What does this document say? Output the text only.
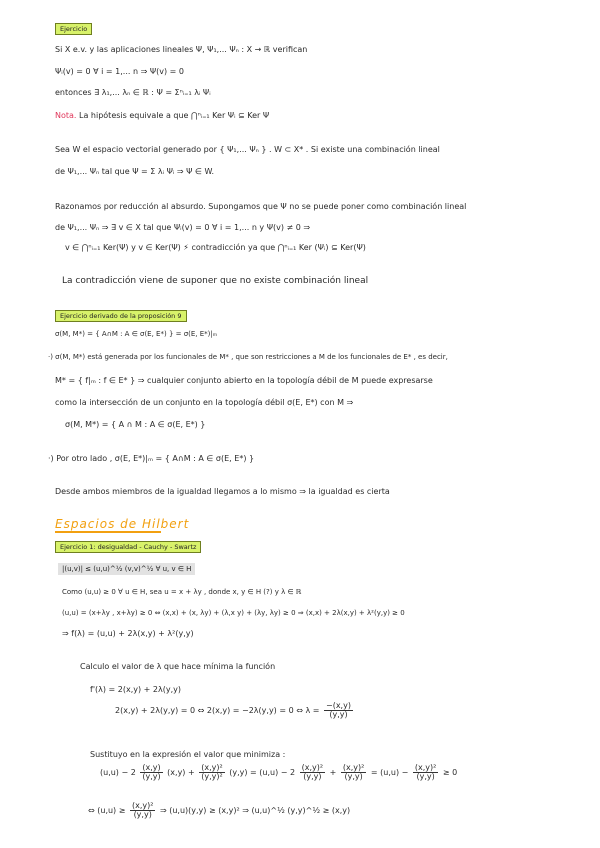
Ejercicio
Si X e.v. y las aplicaciones lineales Ψ, Ψ₁,... Ψₙ : X → ℝ verifican
Ψᵢ(v) = 0 ∀ i = 1,... n ⇒ Ψ(v) = 0
entonces ∃ λ₁,... λₙ ∈ ℝ : Ψ = Σⁿᵢ₌₁ λᵢ Ψᵢ
Nota. La hipótesis equivale a que ⋂ⁿᵢ₌₁ Ker Ψᵢ ⊆ Ker Ψ
Sea W el espacio vectorial generado por { Ψ₁,... Ψₙ } . W ⊂ X* . Si existe una combinación lineal
de Ψ₁,... Ψₙ tal que Ψ = Σ λᵢ Ψᵢ ⇒ Ψ ∈ W.
Razonamos por reducción al absurdo. Supongamos que Ψ no se puede poner como combinación lineal
de Ψ₁,... Ψₙ ⇒ ∃ v ∈ X tal que Ψᵢ(v) = 0 ∀ i = 1,... n y Ψ(v) ≠ 0 ⇒
v ∈ ⋂ⁿᵢ₌₁ Ker(Ψ) y v ∈ Ker(Ψ) ⚡ contradicción ya que ⋂ⁿᵢ₌₁ Ker (Ψᵢ) ⊆ Ker(Ψ)
La contradicción viene de suponer que no existe combinación lineal
Ejercicio derivado de la proposición 9
σ(M, M*) = { A∩M : A ∈ σ(E, E*) } = σ(E, E*)|ₘ
·) σ(M, M*) está generada por los funcionales de M* , que son restricciones a M de los funcionales de E* , es decir,
M* = { f|ₘ : f ∈ E* } ⇒ cualquier conjunto abierto en la topología débil de M puede expresarse
como la intersección de un conjunto en la topología débil σ(E, E*) con M ⇒
σ(M, M*) = { A ∩ M : A ∈ σ(E, E*) }
·) Por otro lado , σ(E, E*)|ₘ = { A∩M : A ∈ σ(E, E*) }
Desde ambos miembros de la igualdad llegamos a lo mismo ⇒ la igualdad es cierta
Espacios de Hilbert
Ejercicio 1: desigualdad - Cauchy - Swartz
|(u,v)| ≤ (u,u)^½ (v,v)^½ ∀ u, v ∈ H
Como (u,u) ≥ 0 ∀ u ∈ H, sea u = x + λy , donde x, y ∈ H (?) y λ ∈ ℝ
(u,u) = (x+λy , x+λy) ≥ 0 ⇔ (x,x) + (x, λy) + (λ,x y) + (λy, λy) ≥ 0 ⇒ (x,x) + 2λ(x,y) + λ²(y,y) ≥ 0
⇒ f(λ) = (u,u) + 2λ(x,y) + λ²(y,y)
Calculo el valor de λ que hace mínima la función
f'(λ) = 2(x,y) + 2λ(y,y)
2(x,y) + 2λ(y,y) = 0 ⇔ 2(x,y) = −2λ(y,y) = 0 ⇔ $\lambda = \frac{-(x,y)}{(y,y)}$
Sustituyo en la expresión el valor que minimiza :
$(u,u) - 2 \frac{(x,y)}{(y,y)} (x,y) + \frac{\text{(x,y)²}}{\text{(y,y)²}} (y,y) = (u,u) - 2 \frac{\text{(x,y)²}}{(y,y)} + \frac{\text{(x,y)²}}{(y,y)} = (u,u) - \frac{\text{(x,y)²}}{(y,y)} \ge 0$
⇔ $(u,u) \ge \frac{\text{(x,y)²}}{(y,y)}$ ⇒ (u,u)(y,y) ≥ (x,y)² ⇒ (u,u)^½ (y,y)^½ ≥ (x,y)
